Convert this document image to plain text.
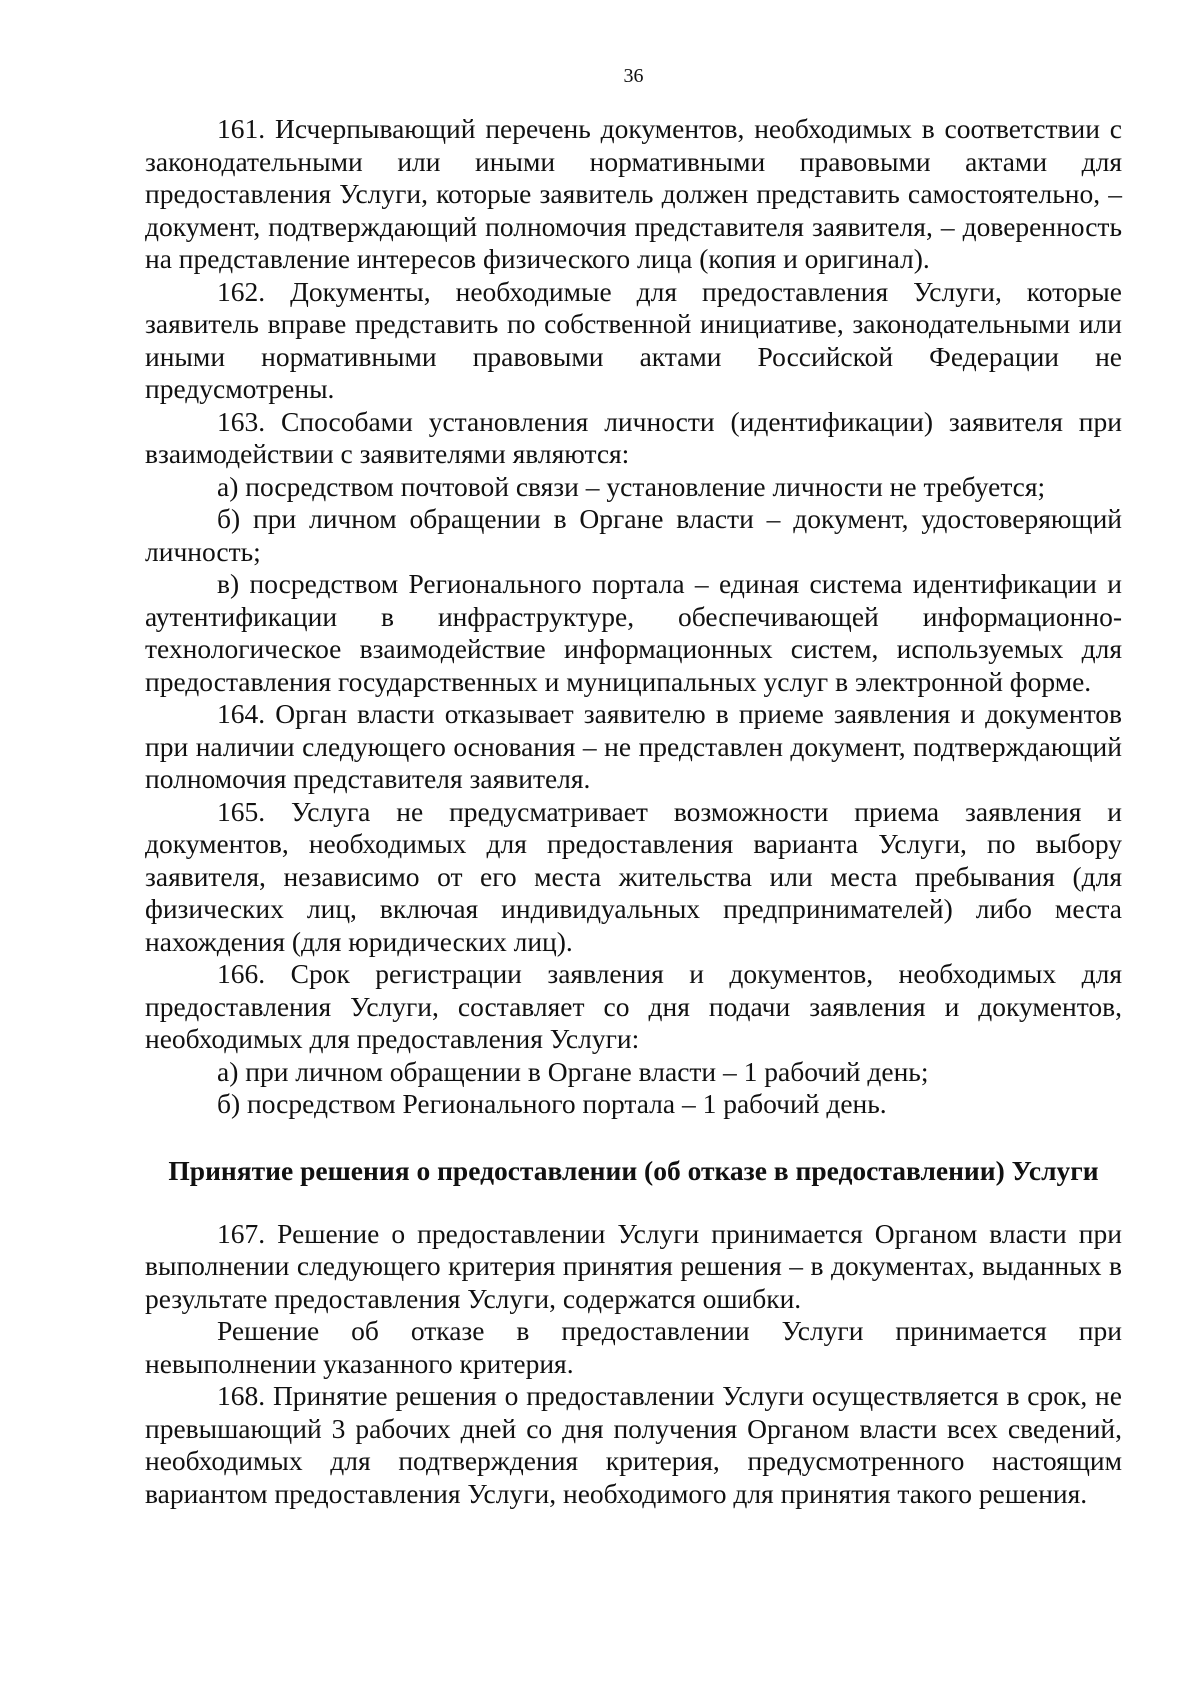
36

161. Исчерпывающий перечень документов, необходимых в соответствии с законодательными или иными нормативными правовыми актами для предоставления Услуги, которые заявитель должен представить самостоятельно, – документ, подтверждающий полномочия представителя заявителя, – доверенность на представление интересов физического лица (копия и оригинал).

162. Документы, необходимые для предоставления Услуги, которые заявитель вправе представить по собственной инициативе, законодательными или иными нормативными правовыми актами Российской Федерации не предусмотрены.

163. Способами установления личности (идентификации) заявителя при взаимодействии с заявителями являются:

а) посредством почтовой связи – установление личности не требуется;

б) при личном обращении в Органе власти – документ, удостоверяющий личность;

в) посредством Регионального портала – единая система идентификации и аутентификации в инфраструктуре, обеспечивающей информационно-технологическое взаимодействие информационных систем, используемых для предоставления государственных и муниципальных услуг в электронной форме.

164. Орган власти отказывает заявителю в приеме заявления и документов при наличии следующего основания – не представлен документ, подтверждающий полномочия представителя заявителя.

165. Услуга не предусматривает возможности приема заявления и документов, необходимых для предоставления варианта Услуги, по выбору заявителя, независимо от его места жительства или места пребывания (для физических лиц, включая индивидуальных предпринимателей) либо места нахождения (для юридических лиц).

166. Срок регистрации заявления и документов, необходимых для предоставления Услуги, составляет со дня подачи заявления и документов, необходимых для предоставления Услуги:

а) при личном обращении в Органе власти – 1 рабочий день;

б) посредством Регионального портала – 1 рабочий день.

Принятие решения о предоставлении (об отказе в предоставлении) Услуги

167. Решение о предоставлении Услуги принимается Органом власти при выполнении следующего критерия принятия решения – в документах, выданных в результате предоставления Услуги, содержатся ошибки.

Решение об отказе в предоставлении Услуги принимается при невыполнении указанного критерия.

168. Принятие решения о предоставлении Услуги осуществляется в срок, не превышающий 3 рабочих дней со дня получения Органом власти всех сведений, необходимых для подтверждения критерия, предусмотренного настоящим вариантом предоставления Услуги, необходимого для принятия такого решения.
